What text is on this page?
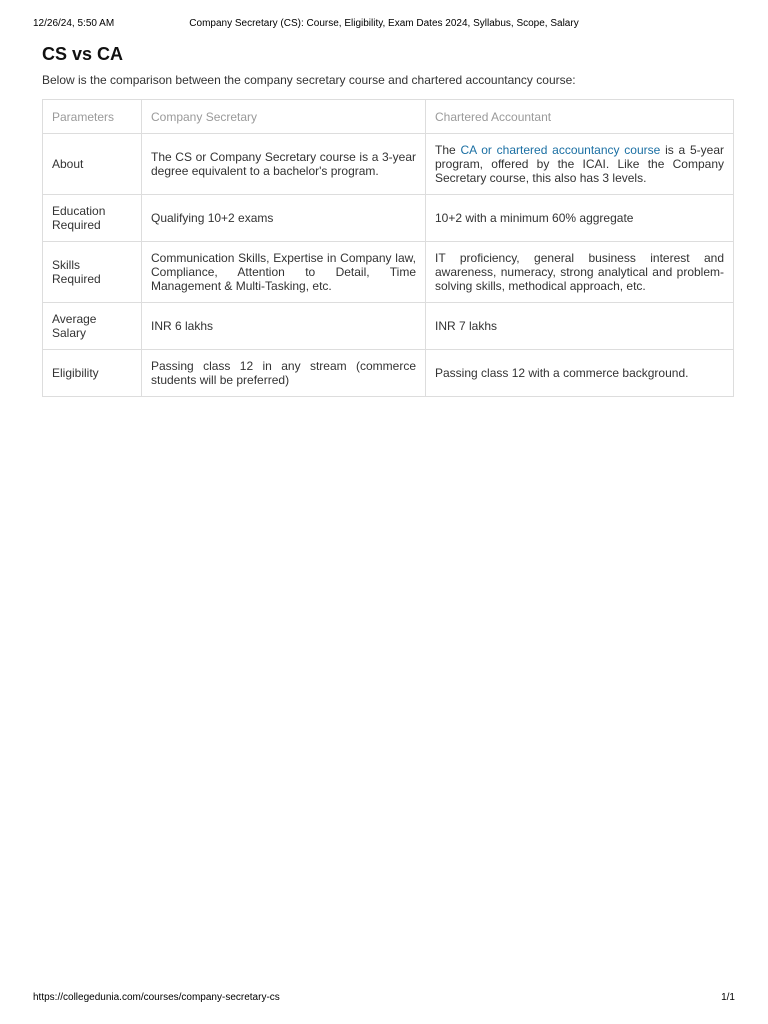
12/26/24, 5:50 AM	Company Secretary (CS): Course, Eligibility, Exam Dates 2024, Syllabus, Scope, Salary
CS vs CA

Below is the comparison between the company secretary course and chartered accountancy course:

Parameters	Company Secretary	Chartered Accountant
About	The CS or Company Secretary course is a 3-year degree equivalent to a bachelor's program.	The CA or chartered accountancy course is a 5-year program, offered by the ICAI. Like the Company Secretary course, this also has 3 levels.
Education Required	Qualifying 10+2 exams	10+2 with a minimum 60% aggregate
Skills Required	Communication Skills, Expertise in Company law, Compliance, Attention to Detail, Time Management & Multi-Tasking, etc.	IT proficiency, general business interest and awareness, numeracy, strong analytical and problem-solving skills, methodical approach, etc.
Average Salary	INR 6 lakhs	INR 7 lakhs
Eligibility	Passing class 12 in any stream (commerce students will be preferred)	Passing class 12 with a commerce background.
https://collegedunia.com/courses/company-secretary-cs	1/1
